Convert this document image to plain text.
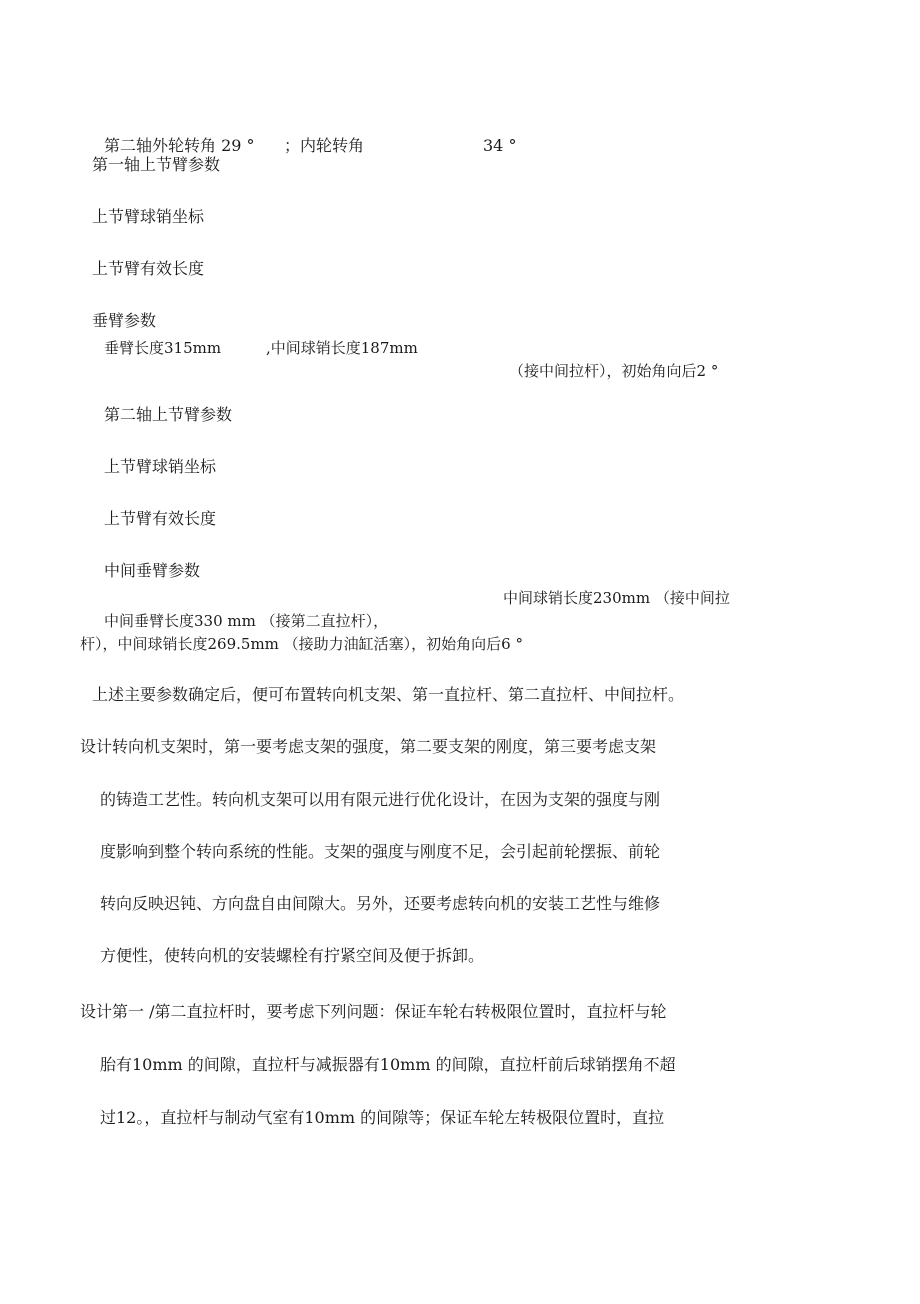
第二轴外轮转角 29 ° ；内轮转角	34 °
第一轴上节臂参数
上节臂球销坐标
上节臂有效长度
垂臂参数
垂臂长度315mm	,中间球销长度187mm
（接中间拉杆），初始角向后2 °
第二轴上节臂参数
上节臂球销坐标
上节臂有效长度
中间垂臂参数
中间球销长度230mm （接中间拉
中间垂臂长度330 mm （接第二直拉杆），
杆），中间球销长度269.5mm （接助力油缸活塞），初始角向后6 °
上述主要参数确定后，便可布置转向机支架、第一直拉杆、第二直拉杆、中间拉杆。
设计转向机支架时，第一要考虑支架的强度，第二要支架的刚度，第三要考虑支架
的铸造工艺性。转向机支架可以用有限元进行优化设计，在因为支架的强度与刚
度影响到整个转向系统的性能。支架的强度与刚度不足，会引起前轮摆振、前轮
转向反映迟钝、方向盘自由间隙大。另外，还要考虑转向机的安装工艺性与维修
方便性，使转向机的安装螺栓有拧紧空间及便于拆卸。
设计第一 /第二直拉杆时，要考虑下列问题：保证车轮右转极限位置时，直拉杆与轮
胎有10mm 的间隙，直拉杆与减振器有10mm 的间隙，直拉杆前后球销摆角不超
过12。，直拉杆与制动气室有10mm 的间隙等；保证车轮左转极限位置时，直拉
